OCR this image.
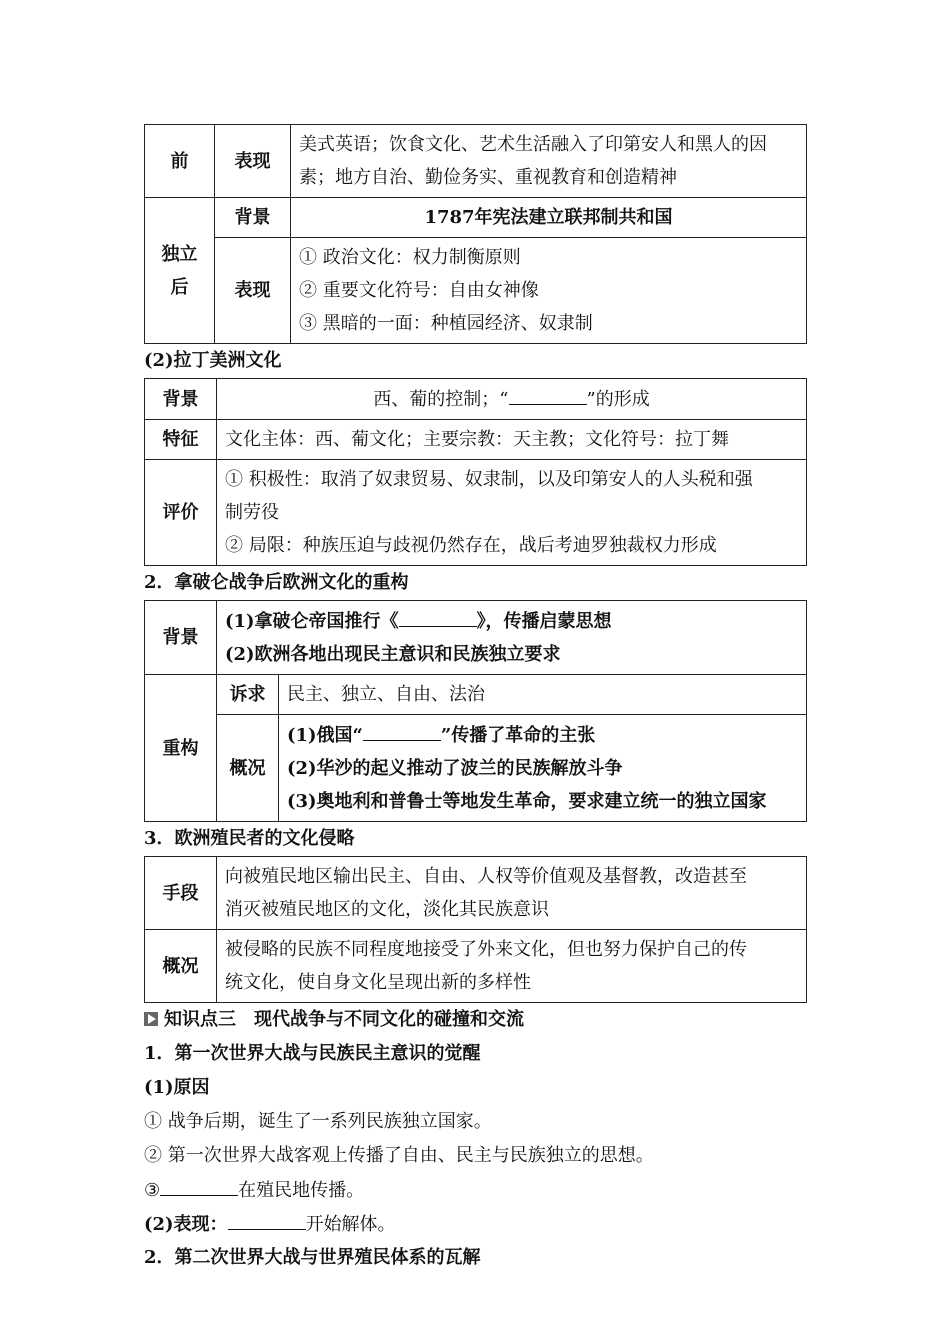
前	表现	美式英语；饮食文化、艺术生活融入了印第安人和黑人的因
素；地方自治、勤俭务实、重视教育和创造精神

独立
后	背景	1787年宪法建立联邦制共和国
	表现	① 政治文化：权力制衡原则
② 重要文化符号：自由女神像
③ 黑暗的一面：种植园经济、奴隶制
(2)拉丁美洲文化
背景	西、葡的控制；“ ”的形成
特征	文化主体：西、葡文化；主要宗教：天主教；文化符号：拉丁舞
评价	① 积极性：取消了奴隶贸易、奴隶制，以及印第安人的人头税和强
制劳役
② 局限：种族压迫与歧视仍然存在，战后考迪罗独裁权力形成
2．拿破仑战争后欧洲文化的重构
背景	(1)拿破仑帝国推行《 》，传播启蒙思想
(2)欧洲各地出现民主意识和民族独立要求	

重构	诉求	民主、独立、自由、法治
	概况	(1)俄国“ ”传播了革命的主张
(2)华沙的起义推动了波兰的民族解放斗争
(3)奥地利和普鲁士等地发生革命，要求建立统一的独立国家
3．欧洲殖民者的文化侵略
手段	向被殖民地区输出民主、自由、人权等价值观及基督教，改造甚至
消灭被殖民地区的文化，淡化其民族意识

概况	被侵略的民族不同程度地接受了外来文化，但也努力保护自己的传
统文化，使自身文化呈现出新的多样性
知识点三　现代战争与不同文化的碰撞和交流
1．第一次世界大战与民族民主意识的觉醒
(1)原因
① 战争后期，诞生了一系列民族独立国家。
② 第一次世界大战客观上传播了自由、民主与民族独立的思想。
③	在殖民地传播。
(2)表现：	开始解体。
2．第二次世界大战与世界殖民体系的瓦解
